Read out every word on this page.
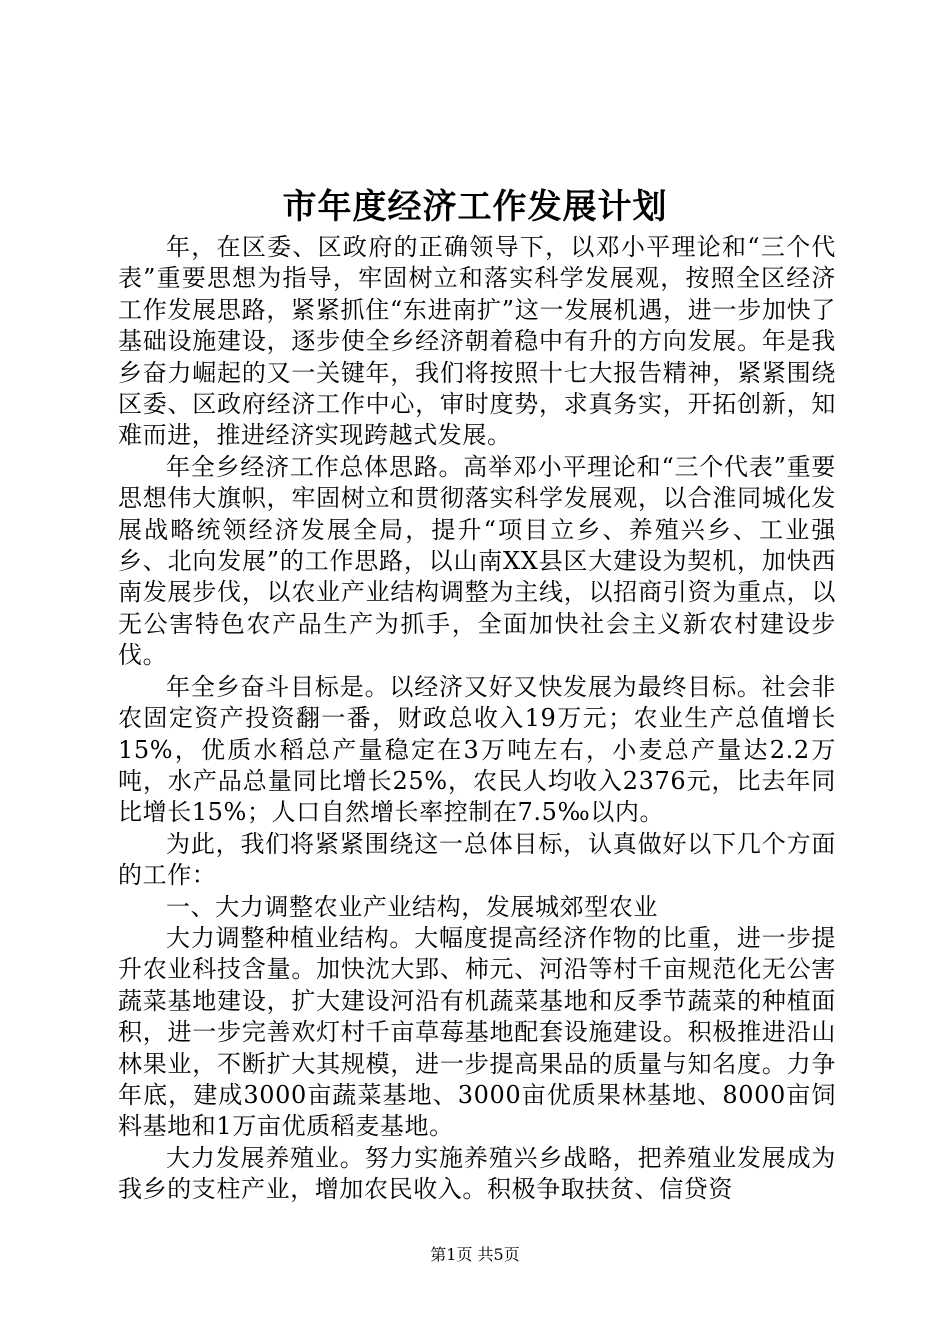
市年度经济工作发展计划

年，在区委、区政府的正确领导下，以邓小平理论和“三个代表”重要思想为指导，牢固树立和落实科学发展观，按照全区经济工作发展思路，紧紧抓住“东进南扩”这一发展机遇，进一步加快了基础设施建设，逐步使全乡经济朝着稳中有升的方向发展。年是我乡奋力崛起的又一关键年，我们将按照十七大报告精神，紧紧围绕区委、区政府经济工作中心，审时度势，求真务实，开拓创新，知难而进，推进经济实现跨越式发展。

年全乡经济工作总体思路。高举邓小平理论和“三个代表”重要思想伟大旗帜，牢固树立和贯彻落实科学发展观，以合淮同城化发展战略统领经济发展全局，提升“项目立乡、养殖兴乡、工业强乡、北向发展”的工作思路，以山南XX县区大建设为契机，加快西南发展步伐，以农业产业结构调整为主线，以招商引资为重点，以无公害特色农产品生产为抓手，全面加快社会主义新农村建设步伐。

年全乡奋斗目标是。以经济又好又快发展为最终目标。社会非农固定资产投资翻一番，财政总收入19万元；农业生产总值增长15%，优质水稻总产量稳定在3万吨左右，小麦总产量达2.2万吨，水产品总量同比增长25%，农民人均收入2376元，比去年同比增长15%；人口自然增长率控制在7.5‰以内。

为此，我们将紧紧围绕这一总体目标，认真做好以下几个方面的工作：

一、大力调整农业产业结构，发展城郊型农业

大力调整种植业结构。大幅度提高经济作物的比重，进一步提升农业科技含量。加快沈大郢、柿元、河沿等村千亩规范化无公害蔬菜基地建设，扩大建设河沿有机蔬菜基地和反季节蔬菜的种植面积，进一步完善欢灯村千亩草莓基地配套设施建设。积极推进沿山林果业，不断扩大其规模，进一步提高果品的质量与知名度。力争年底，建成3000亩蔬菜基地、3000亩优质果林基地、8000亩饲料基地和1万亩优质稻麦基地。

大力发展养殖业。努力实施养殖兴乡战略，把养殖业发展成为我乡的支柱产业，增加农民收入。积极争取扶贫、信贷资

第1页 共5页
